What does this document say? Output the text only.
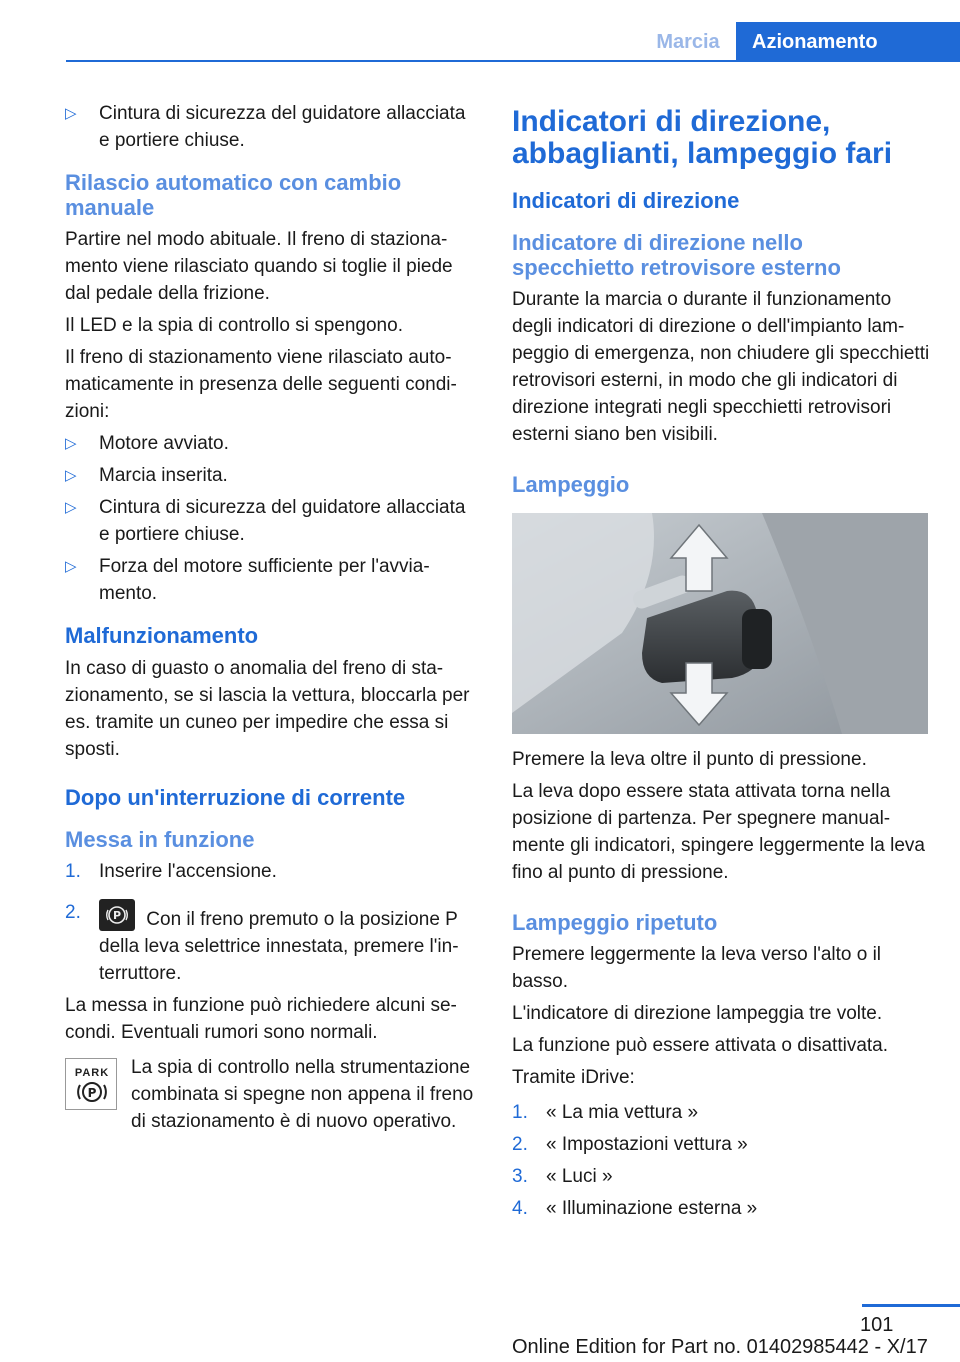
Marcia	Azionamento
▷ Cintura di sicurezza del guidatore allacciata e portiere chiuse.
Rilascio automatico con cambio manuale

Partire nel modo abituale. Il freno di stazionamento viene rilasciato quando si toglie il piede dal pedale della frizione.

Il LED e la spia di controllo si spengono.

Il freno di stazionamento viene rilasciato automaticamente in presenza delle seguenti condizioni:

▷ Motore avviato.
▷ Marcia inserita.
▷ Cintura di sicurezza del guidatore allacciata e portiere chiuse.
▷ Forza del motore sufficiente per l'avviamento.
Malfunzionamento

In caso di guasto o anomalia del freno di stazionamento, se si lascia la vettura, bloccarla per es. tramite un cuneo per impedire che essa si sposti.

Dopo un'interruzione di corrente
Messa in funzione
1. Inserire l'accensione.
2.	P Con il freno premuto o la posizione P della leva selettrice innestata, premere l'interruttore.

La messa in funzione può richiedere alcuni secondi. Eventuali rumori sono normali.

PARK
P

La spia di controllo nella strumentazione combinata si spegne non appena il freno di stazionamento è di nuovo operativo.

Indicatori di direzione, abbaglianti, lampeggio fari
Indicatori di direzione
Indicatore di direzione nello specchietto retrovisore esterno

Durante la marcia o durante il funzionamento degli indicatori di direzione o dell'impianto lampeggio di emergenza, non chiudere gli specchietti retrovisori esterni, in modo che gli indicatori di direzione integrati negli specchietti retrovisori esterni siano ben visibili.

Lampeggio

Premere la leva oltre il punto di pressione.

La leva dopo essere stata attivata torna nella posizione di partenza. Per spegnere manualmente gli indicatori, spingere leggermente la leva fino al punto di pressione.

Lampeggio ripetuto

Premere leggermente la leva verso l'alto o il basso.

L'indicatore di direzione lampeggia tre volte.

La funzione può essere attivata o disattivata.

Tramite iDrive:

1. « La mia vettura »
2. « Impostazioni vettura »
3. « Luci »
4. « Illuminazione esterna »
101
Online Edition for Part no. 01402985442 - X/17
